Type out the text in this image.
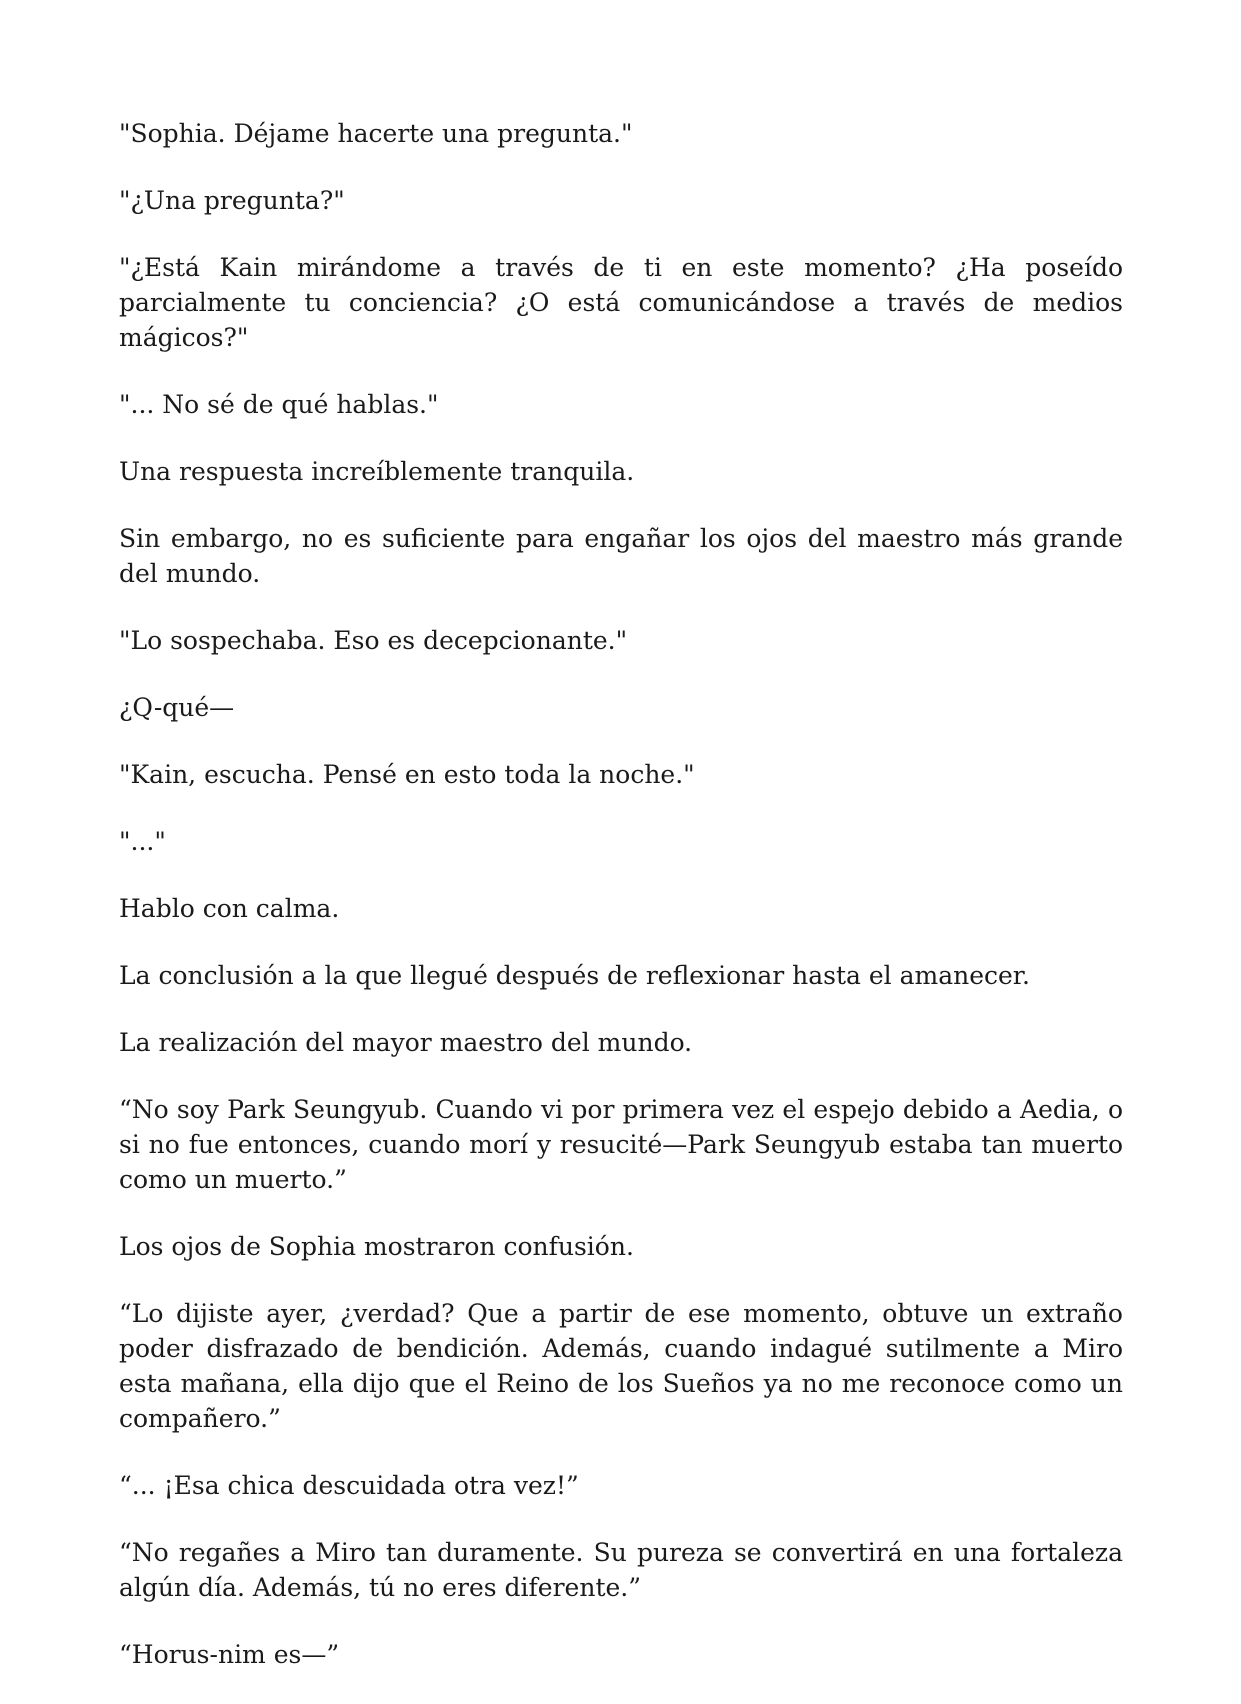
"Sophia. Déjame hacerte una pregunta."

"¿Una pregunta?"

"¿Está Kain mirándome a través de ti en este momento? ¿Ha poseído parcialmente tu conciencia? ¿O está comunicándose a través de medios mágicos?"

"... No sé de qué hablas."

Una respuesta increíblemente tranquila.

Sin embargo, no es suficiente para engañar los ojos del maestro más grande del mundo.

"Lo sospechaba. Eso es decepcionante."

¿Q-qué—

"Kain, escucha. Pensé en esto toda la noche."

"..."

Hablo con calma.

La conclusión a la que llegué después de reflexionar hasta el amanecer.

La realización del mayor maestro del mundo.

“No soy Park Seungyub. Cuando vi por primera vez el espejo debido a Aedia, o si no fue entonces, cuando morí y resucité—Park Seungyub estaba tan muerto como un muerto.”

Los ojos de Sophia mostraron confusión.

“Lo dijiste ayer, ¿verdad? Que a partir de ese momento, obtuve un extraño poder disfrazado de bendición. Además, cuando indagué sutilmente a Miro esta mañana, ella dijo que el Reino de los Sueños ya no me reconoce como un compañero.”

“... ¡Esa chica descuidada otra vez!”

“No regañes a Miro tan duramente. Su pureza se convertirá en una fortaleza algún día. Además, tú no eres diferente.”

“Horus-nim es—”
